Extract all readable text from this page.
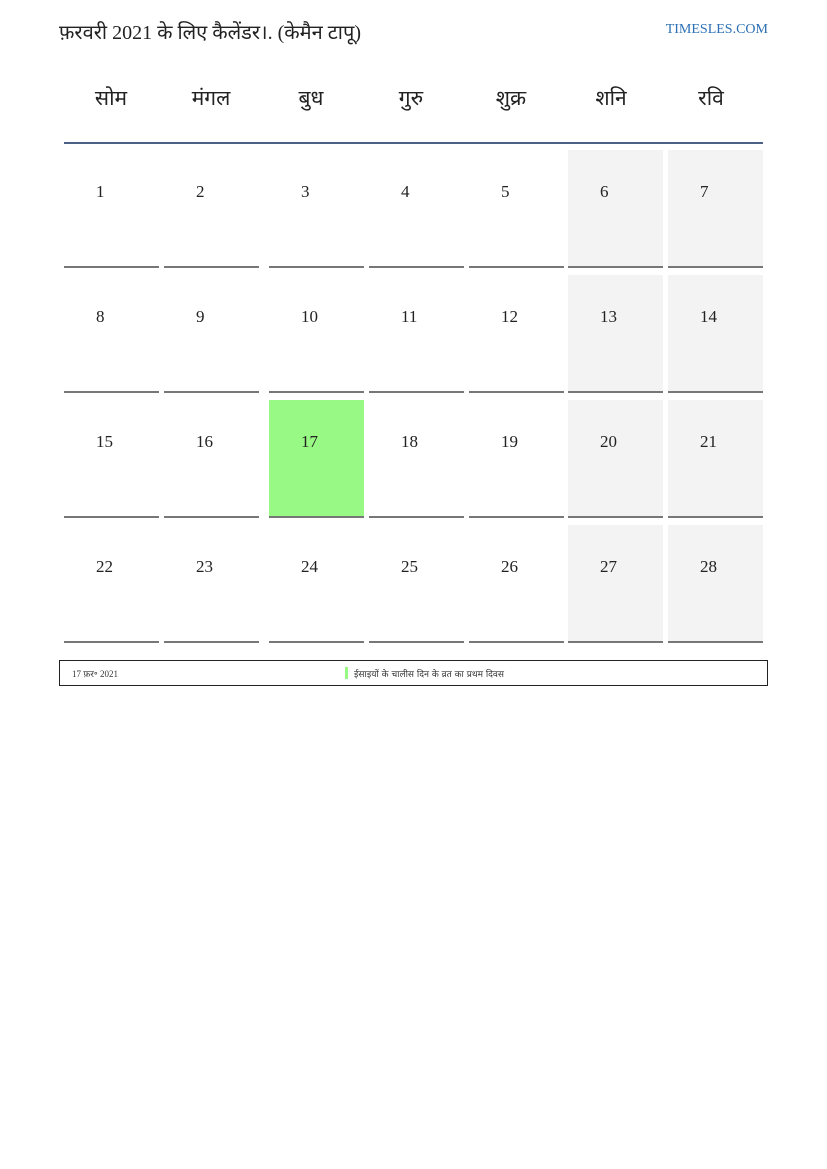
फ़रवरी 2021 के लिए कैलेंडर।. (केमैन टापू)	TIMESLES.COM
सोम	मंगल	बुध	गुरु	शुक्र	शनि	रवि
1	2	3	4	5	6	7
8	9	10	11	12	13	14
15	16	17	18	19	20	21
22	23	24	25	26	27	28
17 फ़र॰ 2021	ईसाइयों के चालीस दिन के व्रत का प्रथम दिवस
